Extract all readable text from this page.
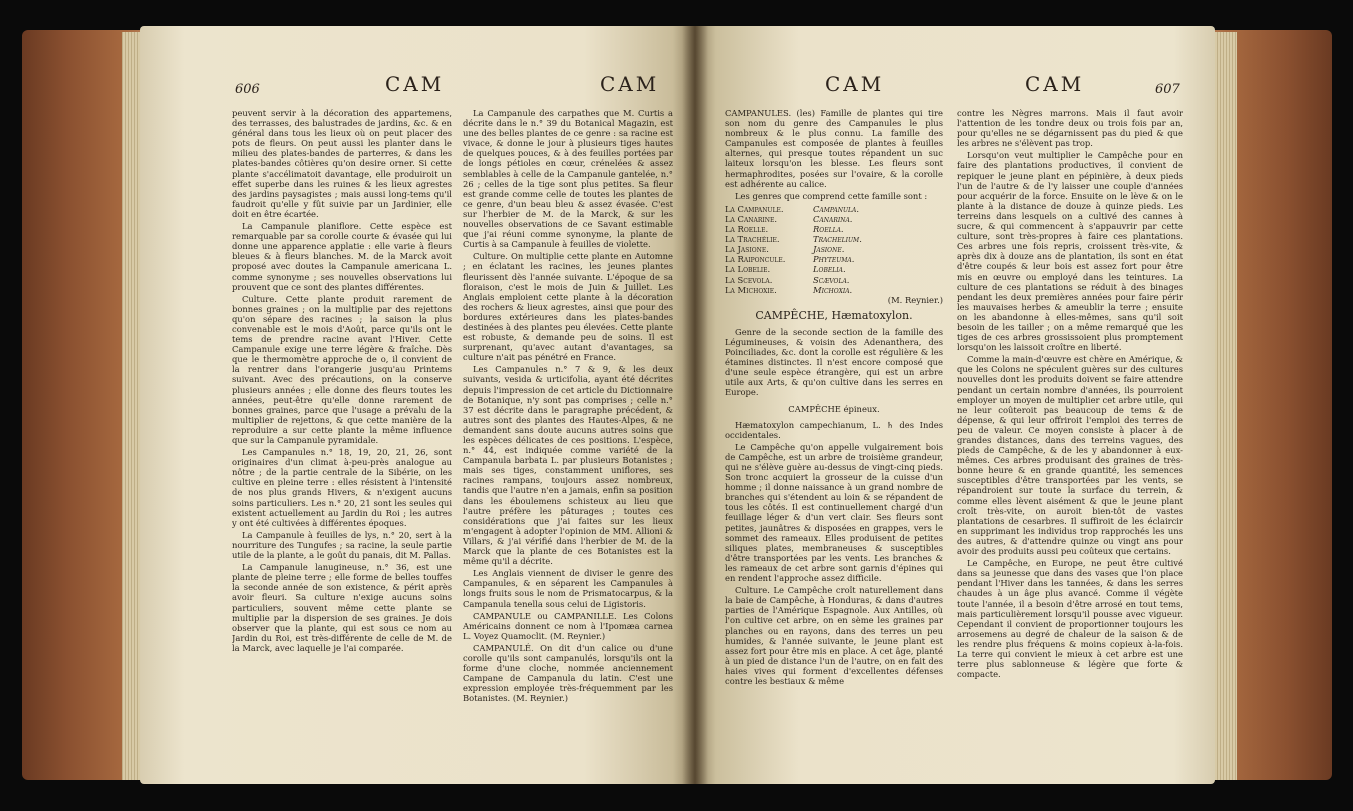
606	CAM	CAM

peuvent servir à la décoration des appartemens, des terrasses, des balustrades de jardins, &c. & en général dans tous les lieux où on peut placer des pots de fleurs. On peut aussi les planter dans le milieu des plates-bandes de parterres, & dans les plates-bandes côtières qu'on desire orner. Si cette plante s'accélimatoit davantage, elle produiroit un effet superbe dans les ruines & les lieux agrestes des jardins paysagistes ; mais aussi long-tems qu'il faudroit qu'elle y fût suivie par un Jardinier, elle doit en être écartée.

La Campanule planiflore. Cette espèce est remarquable par sa corolle courte & évasée qui lui donne une apparence applatie : elle varie à fleurs bleues & à fleurs blanches. M. de la Marck avoit proposé avec doutes la Campanule americana L. comme synonyme ; ses nouvelles observations lui prouvent que ce sont des plantes différentes.

Culture. Cette plante produit rarement de bonnes graines ; on la multiplie par des rejettons qu'on sépare des racines ; la saison la plus convenable est le mois d'Août, parce qu'ils ont le tems de prendre racine avant l'Hiver. Cette Campanule exige une terre légère & fraîche. Dès que le thermomètre approche de o, il convient de la rentrer dans l'orangerie jusqu'au Printems suivant. Avec des précautions, on la conserve plusieurs années ; elle donne des fleurs toutes les années, peut-être qu'elle donne rarement de bonnes graines, parce que l'usage a prévalu de la multiplier de rejettons, & que cette manière de la reproduire a sur cette plante la même influence que sur la Campanule pyramidale.

Les Campanules n.° 18, 19, 20, 21, 26, sont originaires d'un climat à-peu-près analogue au nôtre ; de la partie centrale de la Sibérie, on les cultive en pleine terre : elles résistent à l'intensité de nos plus grands Hivers, & n'exigent aucuns soins particuliers. Les n.° 20, 21 sont les seules qui existent actuellement au Jardin du Roi ; les autres y ont été cultivées à différentes époques.

La Campanule à feuilles de lys, n.° 20, sert à la nourriture des Tungufes ; sa racine, la seule partie utile de la plante, a le goût du panais, dit M. Pallas.

La Campanule lanugineuse, n.° 36, est une plante de pleine terre ; elle forme de belles touffes la seconde année de son existence, & périt après avoir fleuri. Sa culture n'exige aucuns soins particuliers, souvent même cette plante se multiplie par la dispersion de ses graines. Je dois observer que la plante, qui est sous ce nom au Jardin du Roi, est très-différente de celle de M. de la Marck, avec laquelle je l'ai comparée.

La Campanule des carpathes que M. Curtis a décrite dans le n.° 39 du Botanical Magazin, est une des belles plantes de ce genre : sa racine est vivace, & donne le jour à plusieurs tiges hautes de quelques pouces, & à des feuilles portées par de longs pétioles en cœur, crénelées & assez semblables à celle de la Campanule gantelée, n.° 26 ; celles de la tige sont plus petites. Sa fleur est grande comme celle de toutes les plantes de ce genre, d'un beau bleu & assez évasée. C'est sur l'herbier de M. de la Marck, & sur les nouvelles observations de ce Savant estimable que j'ai réuni comme synonyme, la plante de Curtis à sa Campanule à feuilles de violette.

Culture. On multiplie cette plante en Automne ; en éclatant les racines, les jeunes plantes fleurissent dès l'année suivante. L'époque de sa floraison, c'est le mois de Juin & Juillet. Les Anglais emploient cette plante à la décoration des rochers & lieux agrestes, ainsi que pour des bordures extérieures dans les plates-bandes destinées à des plantes peu élevées. Cette plante est robuste, & demande peu de soins. Il est surprenant, qu'avec autant d'avantages, sa culture n'ait pas pénétré en France.

Les Campanules n.° 7 & 9, & les deux suivants, vesida & urticifolia, ayant été décrites depuis l'impression de cet article du Dictionnaire de Botanique, n'y sont pas comprises ; celle n.° 37 est décrite dans le paragraphe précédent, & autres sont des plantes des Hautes-Alpes, & ne demandent sans doute aucuns autres soins que les espèces délicates de ces positions. L'espèce, n.° 44, est indiquée comme variété de la Campanula barbata L. par plusieurs Botanistes ; mais ses tiges, constamment uniflores, ses racines rampans, toujours assez nombreux, tandis que l'autre n'en a jamais, enfin sa position dans les éboulemens schisteux au lieu que l'autre préfère les pâturages ; toutes ces considérations que j'ai faites sur les lieux m'engagent à adopter l'opinion de MM. Allioni & Villars, & j'ai vérifié dans l'herbier de M. de la Marck que la plante de ces Botanistes est la même qu'il a décrite.

Les Anglais viennent de diviser le genre des Campanules, & en séparent les Campanules à longs fruits sous le nom de Prismatocarpus, & la Campanula tenella sous celui de Ligistoris.

CAMPANULE ou CAMPANILLE. Les Colons Américains donnent ce nom à l'Ipomæa carnea L. Voyez Quamoclit. (M. Reynier.)

CAMPANULÉ. On dit d'un calice ou d'une corolle qu'ils sont campanulés, lorsqu'ils ont la forme d'une cloche, nommée anciennement Campane de Campanula du latin. C'est une expression employée très-fréquemment par les Botanistes. (M. Reynier.)

CAM	CAM	607

CAMPANULES. (les) Famille de plantes qui tire son nom du genre des Campanules le plus nombreux & le plus connu. La famille des Campanules est composée de plantes à feuilles alternes, qui presque toutes répandent un suc laiteux lorsqu'on les blesse. Les fleurs sont hermaphrodites, posées sur l'ovaire, & la corolle est adhérente au calice.

Les genres que comprend cette famille sont :

La Campanule.	Campanula.
La Canarine.	Canarina.
La Roelle.	Roella.
La Trachélie.	Trachelium.
La Jasione.	Jasione.
La Raiponcule.	Phyteuma.
La Lobelie.	Lobelia.
La Scevola.	Scævola.
La Michoxie.	Michoxia.

(M. Reynier.)

CAMPÊCHE, Hæmatoxylon.

Genre de la seconde section de la famille des Légumineuses, & voisin des Adenanthera, des Poinciliades, &c. dont la corolle est régulière & les étamines distinctes. Il n'est encore composé que d'une seule espèce étrangère, qui est un arbre utile aux Arts, & qu'on cultive dans les serres en Europe.

CAMPÊCHE épineux.

Hæmatoxylon campechianum, L. ♄ des Indes occidentales.

Le Campêche qu'on appelle vulgairement bois de Campêche, est un arbre de troisième grandeur, qui ne s'élève guère au-dessus de vingt-cinq pieds. Son tronc acquiert la grosseur de la cuisse d'un homme ; il donne naissance à un grand nombre de branches qui s'étendent au loin & se répandent de tous les côtés. Il est continuellement chargé d'un feuillage léger & d'un vert clair. Ses fleurs sont petites, jaunâtres & disposées en grappes, vers le sommet des rameaux. Elles produisent de petites siliques plates, membraneuses & susceptibles d'être transportées par les vents. Les branches & les rameaux de cet arbre sont garnis d'épines qui en rendent l'approche assez difficile.

Culture. Le Campêche croît naturellement dans la baie de Campêche, à Honduras, & dans d'autres parties de l'Amérique Espagnole. Aux Antilles, où l'on cultive cet arbre, on en sème les graines par planches ou en rayons, dans des terres un peu humides, & l'année suivante, le jeune plant est assez fort pour être mis en place. A cet âge, planté à un pied de distance l'un de l'autre, on en fait des haies vives qui forment d'excellentes défenses contre les bestiaux & même

contre les Nègres marrons. Mais il faut avoir l'attention de les tondre deux ou trois fois par an, pour qu'elles ne se dégarnissent pas du pied & que les arbres ne s'élèvent pas trop.

Lorsqu'on veut multiplier le Campêche pour en faire des plantations productives, il convient de repiquer le jeune plant en pépinière, à deux pieds l'un de l'autre & de l'y laisser une couple d'années pour acquérir de la force. Ensuite on le lève & on le plante à la distance de douze à quinze pieds. Les terreins dans lesquels on a cultivé des cannes à sucre, & qui commencent à s'appauvrir par cette culture, sont très-propres à faire ces plantations. Ces arbres une fois repris, croissent très-vite, & après dix à douze ans de plantation, ils sont en état d'être coupés & leur bois est assez fort pour être mis en œuvre ou employé dans les teintures. La culture de ces plantations se réduit à des binages pendant les deux premières années pour faire périr les mauvaises herbes & ameublir la terre ; ensuite on les abandonne à elles-mêmes, sans qu'il soit besoin de les tailler ; on a même remarqué que les tiges de ces arbres grossissoient plus promptement lorsqu'on les laissoit croître en liberté.

Comme la main-d'œuvre est chère en Amérique, & que les Colons ne spéculent guères sur des cultures nouvelles dont les produits doivent se faire attendre pendant un certain nombre d'années, ils pourroient employer un moyen de multiplier cet arbre utile, qui ne leur coûteroit pas beaucoup de tems & de dépense, & qui leur offriroit l'emploi des terres de peu de valeur. Ce moyen consiste à placer à de grandes distances, dans des terreins vagues, des pieds de Campêche, & de les y abandonner à eux-mêmes. Ces arbres produisant des graines de très-bonne heure & en grande quantité, les semences susceptibles d'être transportées par les vents, se répandroient sur toute la surface du terrein, & comme elles lèvent aisément & que le jeune plant croît très-vite, on auroit bien-tôt de vastes plantations de cesarbres. Il suffiroit de les éclaircir en supprimant les individus trop rapprochés les uns des autres, & d'attendre quinze ou vingt ans pour avoir des produits aussi peu coûteux que certains.

Le Campêche, en Europe, ne peut être cultivé dans sa jeunesse que dans des vases que l'on place pendant l'Hiver dans les tannées, & dans les serres chaudes à un âge plus avancé. Comme il végète toute l'année, il a besoin d'être arrosé en tout tems, mais particulièrement lorsqu'il pousse avec vigueur. Cependant il convient de proportionner toujours les arrosemens au degré de chaleur de la saison & de les rendre plus fréquens & moins copieux à-la-fois. La terre qui convient le mieux à cet arbre est une terre plus sablonneuse & légère que forte & compacte.
